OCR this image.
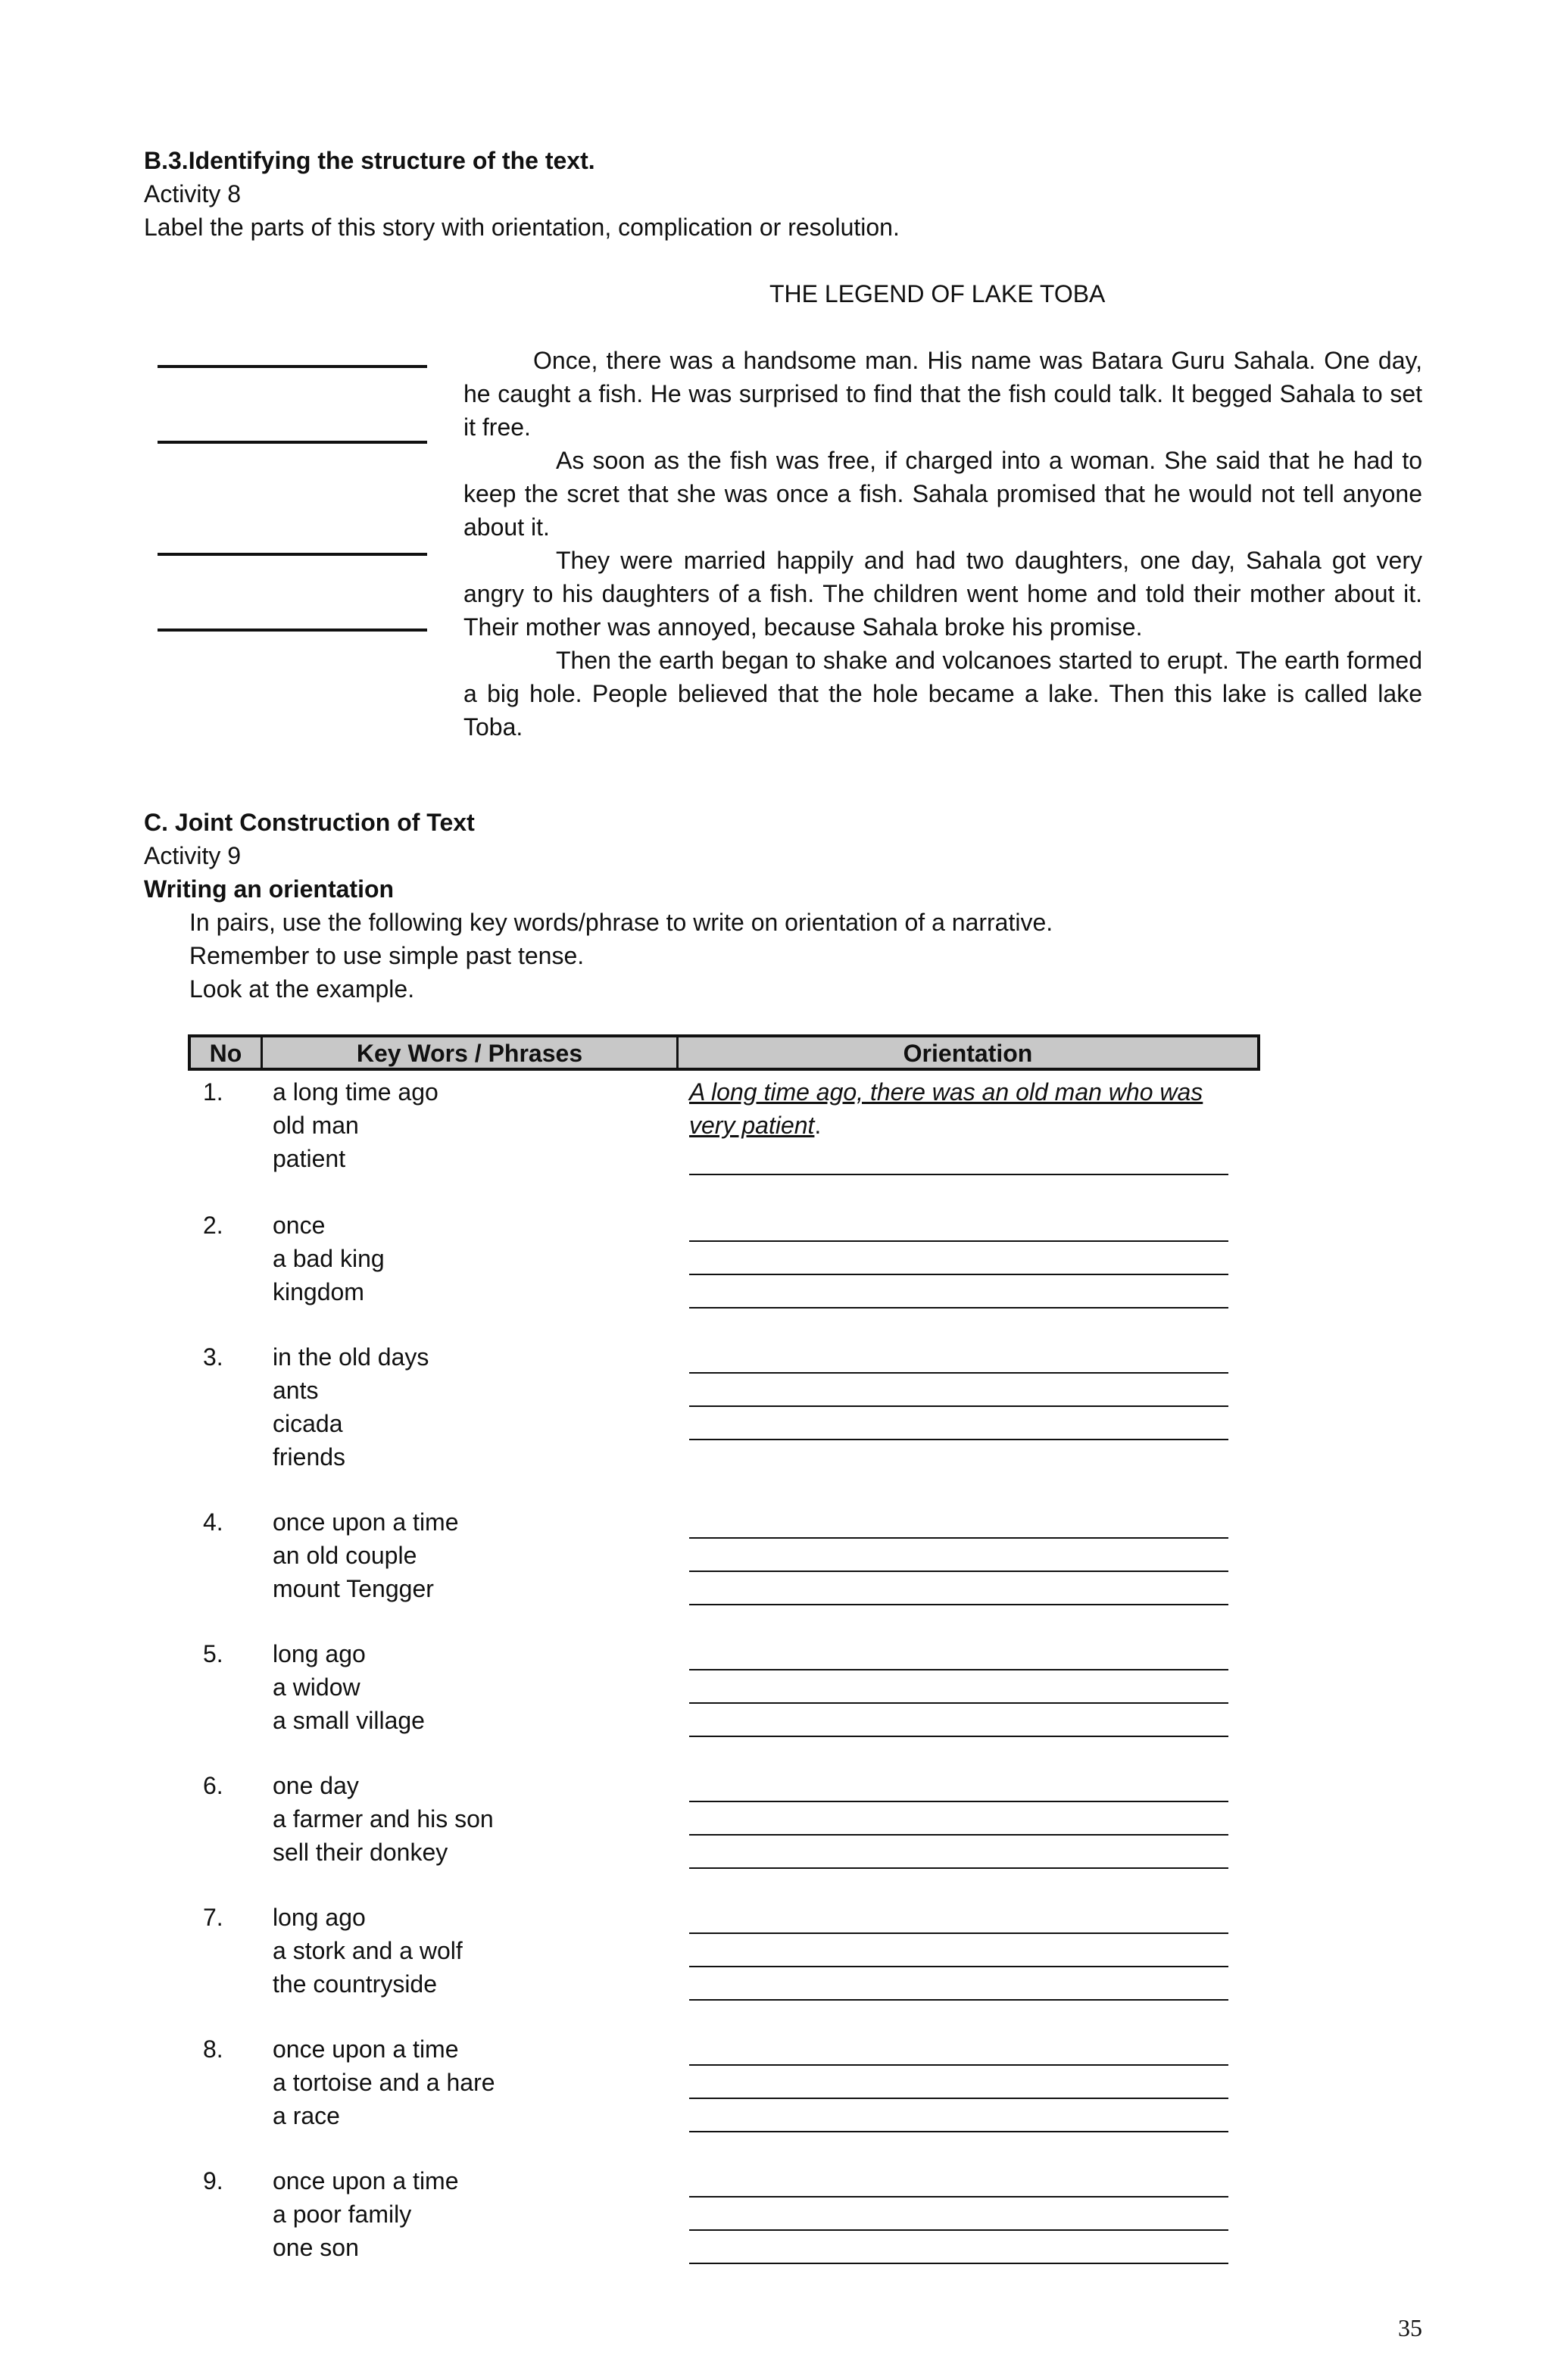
B.3.Identifying the structure of the text.
Activity 8
Label the parts of this story with orientation, complication or resolution.
THE LEGEND OF LAKE TOBA

Once, there was a handsome man. His name was Batara Guru Sahala. One day, he caught a fish. He was surprised to find that the fish could talk. It begged Sahala to set it free.

As soon as the fish was free, if charged into a woman. She said that he had to keep the scret that she was once a fish. Sahala promised that he would not tell anyone about it.

They were married happily and had two daughters, one day, Sahala got very angry to his daughters of a fish. The children went home and told their mother about it. Their mother was annoyed, because Sahala broke his promise.

Then the earth began to shake and volcanoes started to erupt. The earth formed a big hole. People believed that the hole became a lake. Then this lake is called lake Toba.

C. Joint Construction of Text
Activity 9
Writing an orientation
In pairs, use the following key words/phrase to write on orientation of a narrative.
Remember to use simple past tense.
Look at the example.
No	Key Wors / Phrases	Orientation
1. a long time ago
old man
patient
A long time ago, there was an old man who was
very patient.
2. once
a bad king
kingdom
3. in the old days
ants
cicada
friends
4. once upon a time
an old couple
mount Tengger
5. long ago
a widow
a small village
6. one day
a farmer and his son
sell their donkey
7. long ago
a stork and a wolf
the countryside
8. once upon a time
a tortoise and a hare
a race
9. once upon a time
a poor family
one son
35
